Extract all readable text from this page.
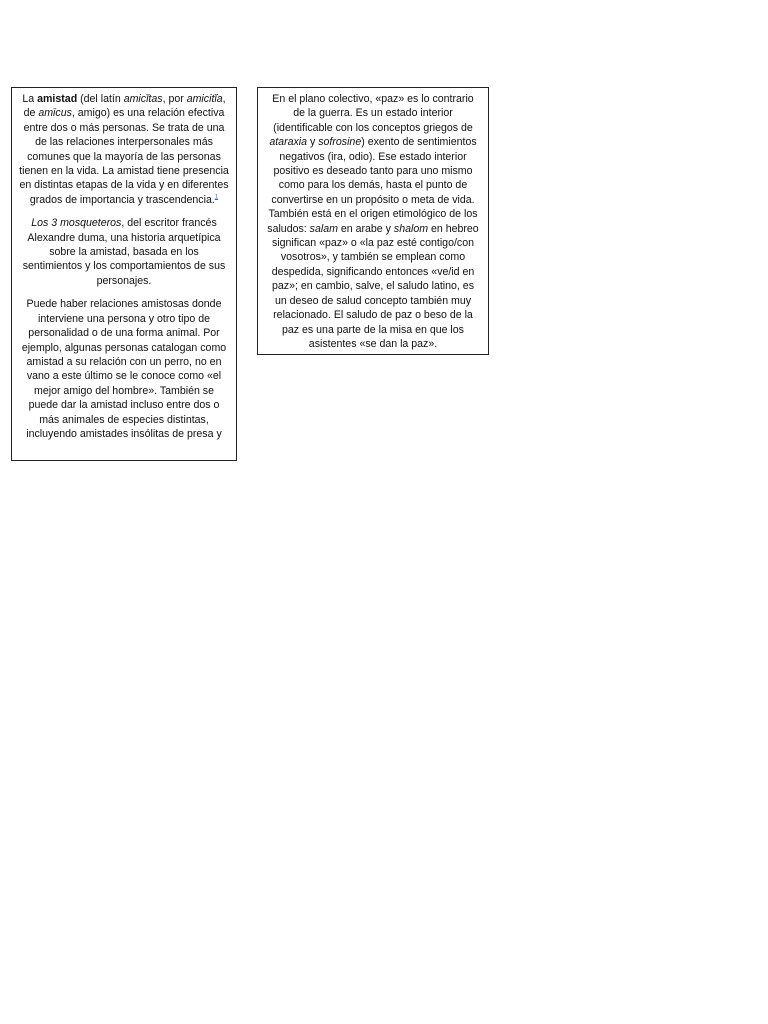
La amistad (del latín amicĭtas, por amicitĭa, de amīcus, amigo) es una relación efectiva entre dos o más personas. Se trata de una de las relaciones interpersonales más comunes que la mayoría de las personas tienen en la vida. La amistad tiene presencia en distintas etapas de la vida y en diferentes grados de importancia y trascendencia.$^1$

Los 3 mosqueteros, del escritor francés Alexandre duma, una historia arquetípica sobre la amistad, basada en los sentimientos y los comportamientos de sus personajes.

Puede haber relaciones amistosas donde interviene una persona y otro tipo de personalidad o de una forma animal. Por ejemplo, algunas personas catalogan como amistad a su relación con un perro, no en vano a este último se le conoce como «el mejor amigo del hombre». También se puede dar la amistad incluso entre dos o más animales de especies distintas, incluyendo amistades insólitas de presa y

En el plano colectivo, «paz» es lo contrario de la guerra. Es un estado interior (identificable con los conceptos griegos de ataraxia y sofrosine) exento de sentimientos negativos (ira, odio). Ese estado interior positivo es deseado tanto para uno mismo como para los demás, hasta el punto de convertirse en un propósito o meta de vida. También está en el origen etimológico de los saludos: salam en arabe y shalom en hebreo significan «paz» o «la paz esté contigo/con vosotros», y también se emplean como despedida, significando entonces «ve/id en paz»; en cambio, salve, el saludo latino, es un deseo de salud concepto también muy relacionado. El saludo de paz o beso de la paz es una parte de la misa en que los asistentes «se dan la paz».
